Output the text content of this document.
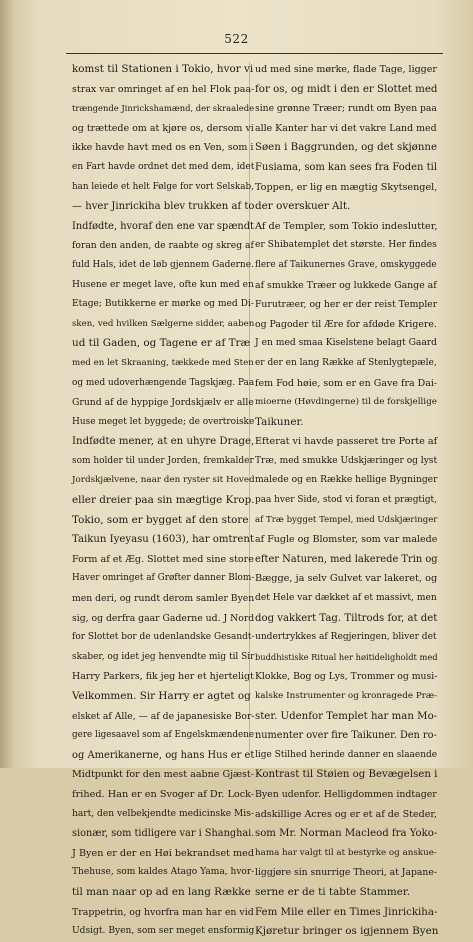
522
komst til Stationen i Tokio, hvor vi
strax var omringet af en hel Flok paa-
trængende Jinrickshamænd, der skraalede
og trættede om at kjøre os, dersom vi
ikke havde havt med os en Ven, som i
en Fart havde ordnet det med dem, idet
han leiede et helt Følge for vort Selskab,
— hver Jinrickiha blev trukken af to
Indfødte, hvoraf den ene var spændt
foran den anden, de raabte og skreg af
fuld Hals, idet de løb gjennem Gaderne.
Husene er meget lave, ofte kun med en
Etage; Butikkerne er mørke og med Di-
sken, ved hvilken Sælgerne sidder, aaben
ud til Gaden, og Tagene er af Træ
med en let Skraaning, tækkede med Sten
og med udoverhængende Tagskjæg. Paa
Grund af de hyppige Jordskjælv er alle
Huse meget let byggede; de overtroiske
Indfødte mener, at en uhyre Drage,
som holder til under Jorden, fremkalder
Jordskjælvene, naar den ryster sit Hoved
eller dreier paa sin mægtige Krop.
Tokio, som er bygget af den store
Taikun Iyeyasu (1603), har omtrent
Form af et Æg. Slottet med sine store
Haver omringet af Grøfter danner Blom-
men deri, og rundt derom samler Byen
sig, og derfra gaar Gaderne ud. J Nord
for Slottet bor de udenlandske Gesandt-
skaber, og idet jeg henvendte mig til Sir
Harry Parkers, fik jeg her et hjerteligt
Velkommen. Sir Harry er agtet og
elsket af Alle, — af de japanesiske Bor-
gere ligesaavel som af Engelskmændene
og Amerikanerne, og hans Hus er et
Midtpunkt for den mest aabne Gjæst-
frihed. Han er en Svoger af Dr. Lock-
hart, den velbekjendte medicinske Mis-
sionær, som tidligere var i Shanghai.
J Byen er der en Høi bekrandset med
Thehuse, som kaldes Atago Yama, hvor-
til man naar op ad en lang Række
Trappetrin, og hvorfra man har en vid
Udsigt. Byen, som ser meget ensformig
ud med sine mørke, flade Tage, ligger
for os, og midt i den er Slottet med
sine grønne Træer; rundt om Byen paa
alle Kanter har vi det vakre Land med
Søen i Baggrunden, og det skjønne
Fusiama, som kan sees fra Foden til
Toppen, er lig en mægtig Skytsengel,
der overskuer Alt.
Af de Templer, som Tokio indeslutter,
er Shibatemplet det største. Her findes
flere af Taikunernes Grave, omskyggede
af smukke Træer og lukkede Gange af
Furutræer, og her er der reist Templer
og Pagoder til Ære for afdøde Krigere.
J en med smaa Kiselstene belagt Gaard
er der en lang Række af Stenlygtepæle,
fem Fod høie, som er en Gave fra Dai-
mioerne (Høvdingerne) til de forskjellige
Taikuner.
Efterat vi havde passeret tre Porte af
Træ, med smukke Udskjæringer og lyst
malede og en Række hellige Bygninger
paa hver Side, stod vi foran et prægtigt,
af Træ bygget Tempel, med Udskjæringer
af Fugle og Blomster, som var malede
efter Naturen, med lakerede Trin og
Bægge, ja selv Gulvet var lakeret, og
det Hele var dækket af et massivt, men
dog vakkert Tag. Tiltrods for, at det
undertrykkes af Regjeringen, bliver det
buddhistiske Ritual her høitideligholdt med
Klokke, Bog og Lys, Trommer og musi-
kalske Instrumenter og kronragede Præ-
ster. Udenfor Templet har man Mo-
numenter over fire Taikuner. Den ro-
lige Stilhed herinde danner en slaaende
Kontrast til Støien og Bevægelsen i
Byen udenfor. Helligdommen indtager
adskillige Acres og er et af de Steder,
som Mr. Norman Macleod fra Yoko-
hama har valgt til at bestyrke og anskue-
liggjøre sin snurrige Theori, at Japane-
serne er de ti tabte Stammer.
Fem Mile eller en Times Jinrickiha-
Kjøretur bringer os igjennem Byen
